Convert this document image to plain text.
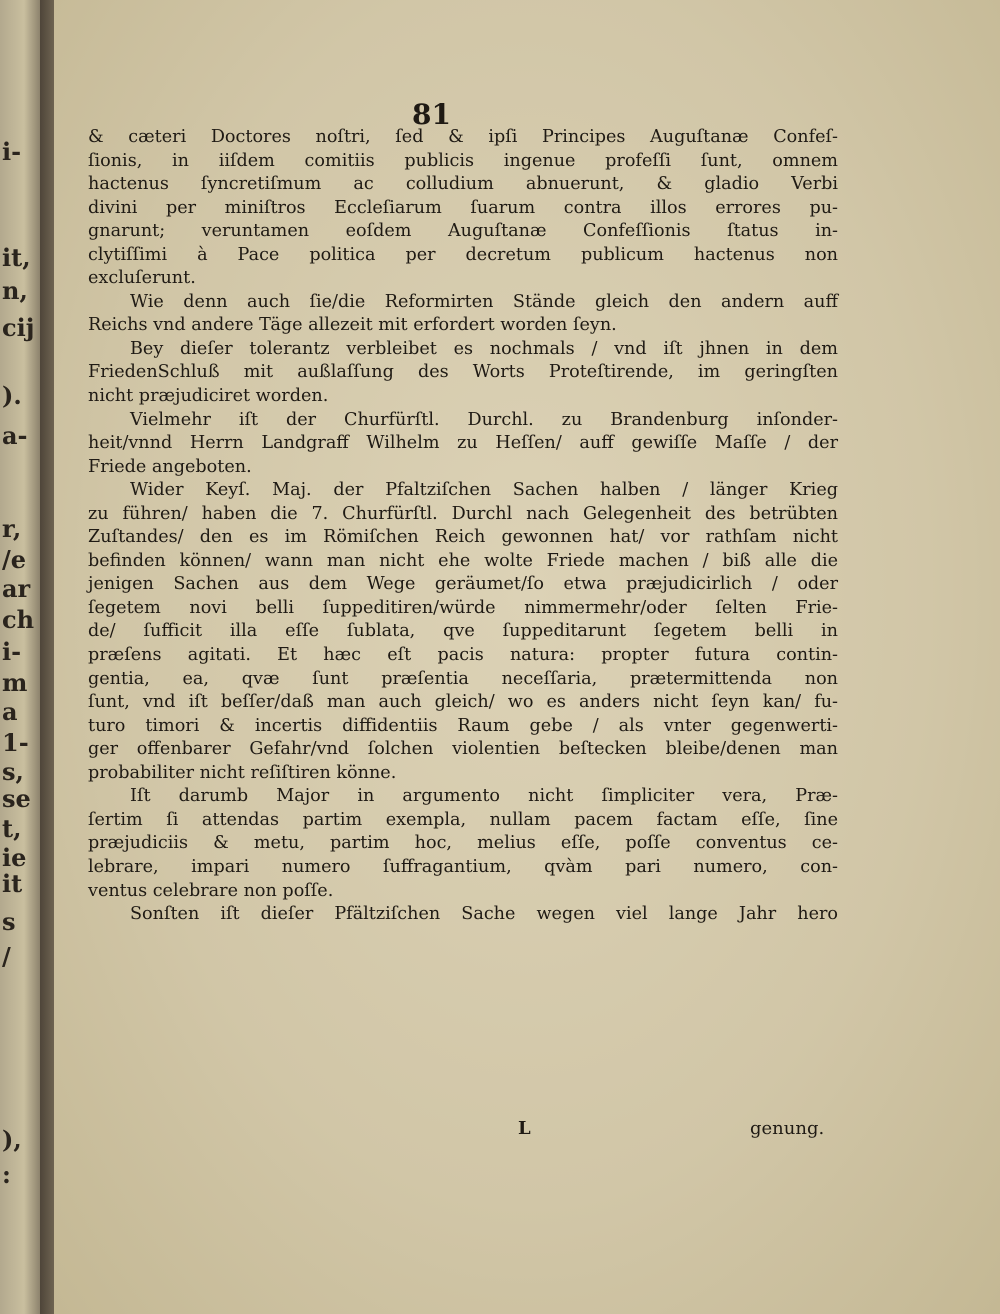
i-
it,
n,
cij
).
a-
r,
/e
ar
ch
i-
m
a
1-
s,
se
t,
ie
it
s
/
),
:
81
& cæteri Doctores noſtri, ſed & ipſi Principes Auguſtanæ Confeſ-
ſionis, in iiſdem comitiis publicis ingenue profeſſi ſunt, omnem
hactenus ſyncretiſmum ac colludium abnuerunt, & gladio Verbi
divini per miniſtros Eccleſiarum ſuarum contra illos errores pu-
gnarunt; veruntamen eoſdem Auguſtanæ Confeſſionis ſtatus in-
clytiſſimi à Pace politica per decretum publicum hactenus non
excluſerunt.
Wie denn auch ſie/die Reformirten Stände gleich den andern auff
Reichs vnd andere Täge allezeit mit erfordert worden ſeyn.
Bey dieſer tolerantz verbleibet es nochmals / vnd iſt jhnen in dem
FriedenSchluß mit außlaſſung des Worts Proteſtirende, im geringſten
nicht præjudiciret worden.
Vielmehr iſt der Churfürſtl. Durchl. zu Brandenburg inſonder-
heit/vnnd Herrn Landgraff Wilhelm zu Heſſen/ auff gewiſſe Maſſe / der
Friede angeboten.
Wider Keyſ. Maj. der Pfaltziſchen Sachen halben / länger Krieg
zu führen/ haben die 7. Churfürſtl. Durchl nach Gelegenheit des betrübten
Zuſtandes/ den es im Römiſchen Reich gewonnen hat/ vor rathſam nicht
befinden können/ wann man nicht ehe wolte Friede machen / biß alle die
jenigen Sachen aus dem Wege geräumet/ſo etwa præjudicirlich / oder
ſegetem novi belli ſuppeditiren/würde nimmermehr/oder ſelten Frie-
de/ ſufficit illa eſſe ſublata, qve ſuppeditarunt ſegetem belli in
præſens agitati. Et hæc eſt pacis natura: propter futura contin-
gentia, ea, qvæ ſunt præſentia neceſſaria, prætermittenda non
ſunt, vnd iſt beſſer/daß man auch gleich/ wo es anders nicht ſeyn kan/ fu-
turo timori & incertis diffidentiis Raum gebe / als vnter gegenwerti-
ger offenbarer Gefahr/vnd ſolchen violentien beſtecken bleibe/denen man
probabiliter nicht reſiſtiren könne.
Iſt darumb Major in argumento nicht ſimpliciter vera, Præ-
ſertim ſi attendas partim exempla, nullam pacem factam eſſe, ſine
præjudiciis & metu, partim hoc, melius eſſe, poſſe conventus ce-
lebrare, impari numero ſuffragantium, qvàm pari numero, con-
ventus celebrare non poſſe.
Sonſten iſt dieſer Pfältziſchen Sache wegen viel lange Jahr hero
L	genung.
